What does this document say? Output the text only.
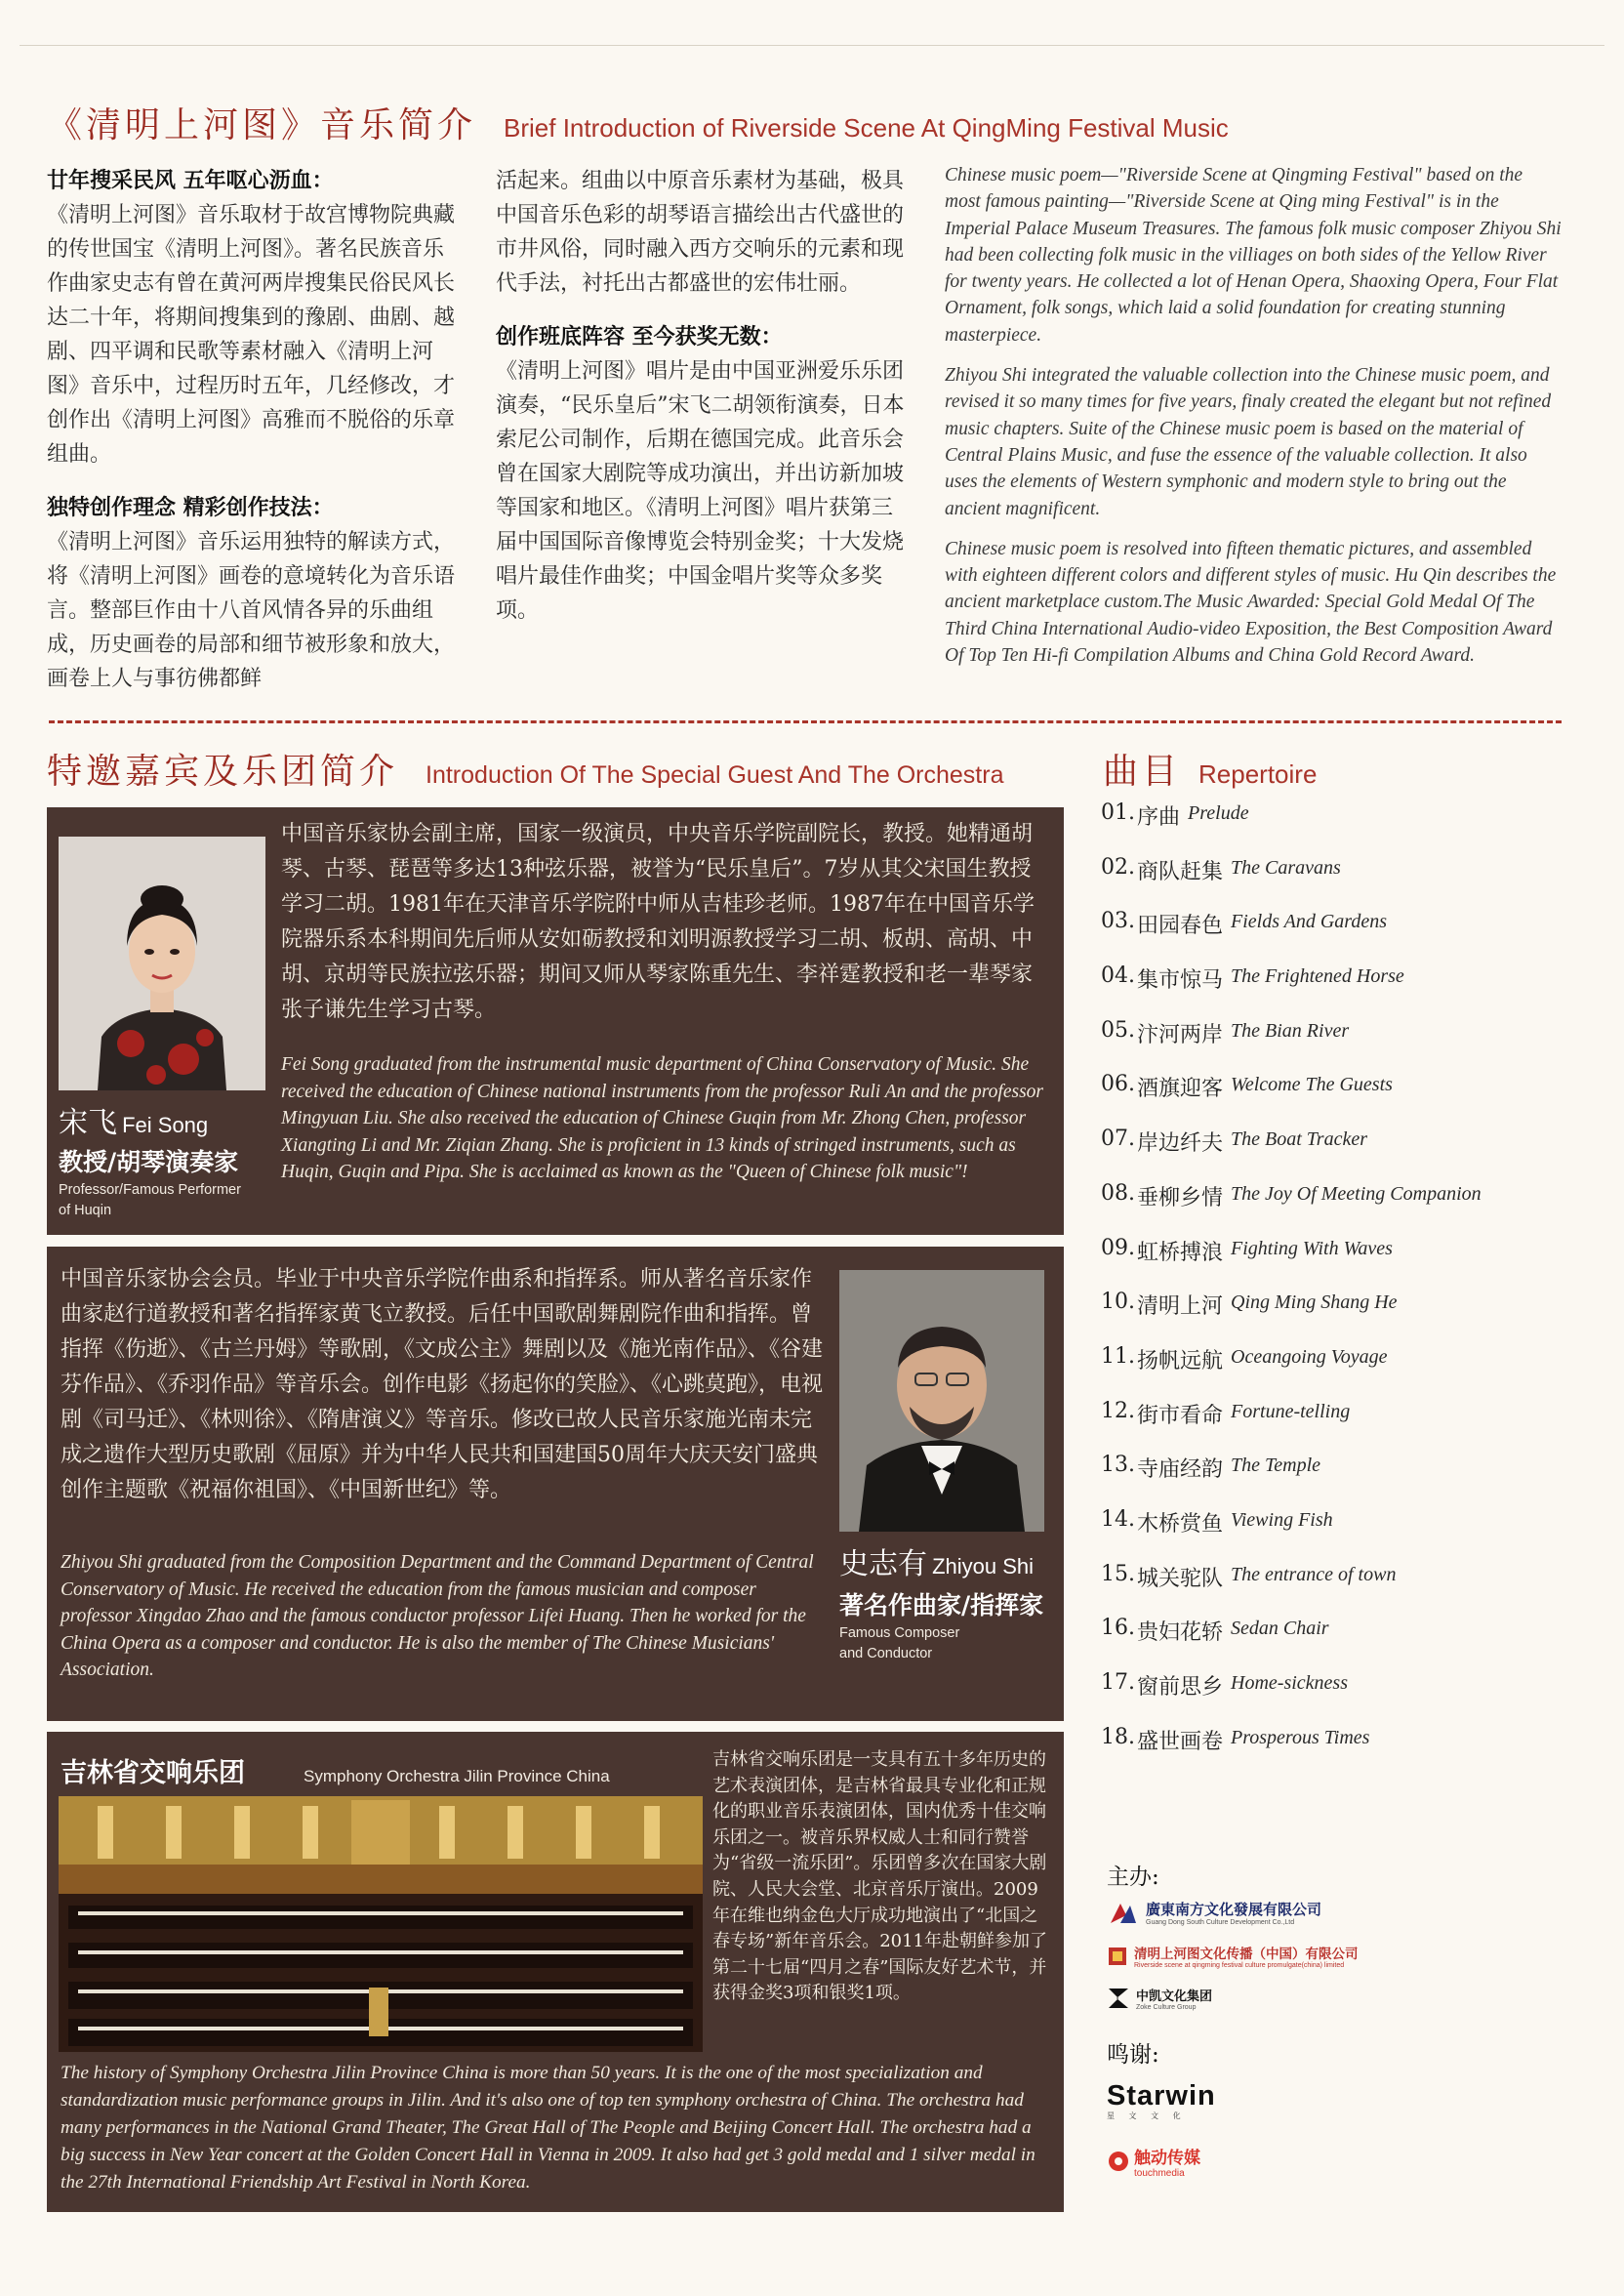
《清明上河图》音乐简介 Brief Introduction of Riverside Scene At QingMing Festival Music
廿年搜采民风 五年呕心沥血：
《清明上河图》音乐取材于故宫博物院典藏的传世国宝《清明上河图》。著名民族音乐作曲家史志有曾在黄河两岸搜集民俗民风长达二十年，将期间搜集到的豫剧、曲剧、越剧、四平调和民歌等素材融入《清明上河图》音乐中，过程历时五年，几经修改，才创作出《清明上河图》高雅而不脱俗的乐章组曲。
独特创作理念 精彩创作技法：
《清明上河图》音乐运用独特的解读方式，将《清明上河图》画卷的意境转化为音乐语言。整部巨作由十八首风情各异的乐曲组成，历史画卷的局部和细节被形象和放大，画卷上人与事彷佛都鲜
活起来。组曲以中原音乐素材为基础，极具中国音乐色彩的胡琴语言描绘出古代盛世的市井风俗，同时融入西方交响乐的元素和现代手法，衬托出古都盛世的宏伟壮丽。
创作班底阵容 至今获奖无数：
《清明上河图》唱片是由中国亚洲爱乐乐团演奏，“民乐皇后”宋飞二胡领衔演奏，日本索尼公司制作，后期在德国完成。此音乐会曾在国家大剧院等成功演出，并出访新加坡等国家和地区。《清明上河图》唱片获第三届中国国际音像博览会特别金奖；十大发烧唱片最佳作曲奖；中国金唱片奖等众多奖项。

Chinese music poem—"Riverside Scene at Qingming Festival" based on the most famous painting—"Riverside Scene at Qing ming Festival" is in the Imperial Palace Museum Treasures. The famous folk music composer Zhiyou Shi had been collecting folk music in the villiages on both sides of the Yellow River for twenty years. He collected a lot of Henan Opera, Shaoxing Opera, Four Flat Ornament, folk songs, which laid a solid foundation for creating stunning masterpiece.

Zhiyou Shi integrated the valuable collection into the Chinese music poem, and revised it so many times for five years, finaly created the elegant but not refined music chapters. Suite of the Chinese music poem is based on the material of Central Plains Music, and fuse the essence of the valuable collection. It also uses the elements of Western symphonic and modern style to bring out the ancient magnificent.

Chinese music poem is resolved into fifteen thematic pictures, and assembled with eighteen different colors and different styles of music. Hu Qin describes the ancient marketplace custom.The Music Awarded: Special Gold Medal Of The Third China International Audio-video Exposition, the Best Composition Award Of Top Ten Hi-fi Compilation Albums and China Gold Record Award.

特邀嘉宾及乐团简介 Introduction Of The Special Guest And The Orchestra	曲目 Repertoire
中国音乐家协会副主席，国家一级演员，中央音乐学院副院长，教授。她精通胡琴、古琴、琵琶等多达13种弦乐器，被誉为“民乐皇后”。7岁从其父宋国生教授学习二胡。1981年在天津音乐学院附中师从吉桂珍老师。1987年在中国音乐学院器乐系本科期间先后师从安如砺教授和刘明源教授学习二胡、板胡、高胡、中胡、京胡等民族拉弦乐器；期间又师从琴家陈重先生、李祥霆教授和老一辈琴家张子谦先生学习古琴。
Fei Song graduated from the instrumental music department of China Conservatory of Music. She received the education of Chinese national instruments from the professor Ruli An and the professor Mingyuan Liu. She also received the education of Chinese Guqin from Mr. Zhong Chen, professor Xiangting Li and Mr. Ziqian Zhang. She is proficient in 13 kinds of stringed instruments, such as Huqin, Guqin and Pipa. She is acclaimed as known as the "Queen of Chinese folk music"!
宋飞 Fei Song
教授/胡琴演奏家
Professor/Famous Performer of Huqin
中国音乐家协会会员。毕业于中央音乐学院作曲系和指挥系。师从著名音乐家作曲家赵行道教授和著名指挥家黄飞立教授。后任中国歌剧舞剧院作曲和指挥。曾指挥《伤逝》、《古兰丹姆》等歌剧，《文成公主》舞剧以及《施光南作品》、《谷建芬作品》、《乔羽作品》等音乐会。创作电影《扬起你的笑脸》、《心跳莫跑》，电视剧《司马迁》、《林则徐》、《隋唐演义》等音乐。修改已故人民音乐家施光南未完成之遗作大型历史歌剧《屈原》并为中华人民共和国建国50周年大庆天安门盛典创作主题歌《祝福你祖国》、《中国新世纪》等。
Zhiyou Shi graduated from the Composition Department and the Command Department of Central Conservatory of Music. He received the education from the famous musician and composer professor Xingdao Zhao and the famous conductor professor Lifei Huang. Then he worked for the China Opera as a composer and conductor. He is also the member of The Chinese Musicians' Association.
史志有 Zhiyou Shi
著名作曲家/指挥家
Famous Composer
and Conductor
吉林省交响乐团	Symphony Orchestra Jilin Province China
吉林省交响乐团是一支具有五十多年历史的艺术表演团体，是吉林省最具专业化和正规化的职业音乐表演团体，国内优秀十佳交响乐团之一。被音乐界权威人士和同行赞誉为“省级一流乐团”。乐团曾多次在国家大剧院、人民大会堂、北京音乐厅演出。2009年在维也纳金色大厅成功地演出了“北国之春专场”新年音乐会。2011年赴朝鲜参加了第二十七届“四月之春”国际友好艺术节，并获得金奖3项和银奖1项。
The history of Symphony Orchestra Jilin Province China is more than 50 years. It is the one of the most specialization and standardization music performance groups in Jilin. And it's also one of top ten symphony orchestra of China. The orchestra had many performances in the National Grand Theater, The Great Hall of The People and Beijing Concert Hall. The orchestra had a big success in New Year concert at the Golden Concert Hall in Vienna in 2009. It also had get 3 gold medal and 1 silver medal in the 27th International Friendship Art Festival in North Korea.
01. 序曲 Prelude
02. 商队赶集 The Caravans
03. 田园春色 Fields And Gardens
04. 集市惊马 The Frightened Horse
05. 汴河两岸 The Bian River
06. 酒旗迎客 Welcome The Guests
07. 岸边纤夫 The Boat Tracker
08. 垂柳乡情 The Joy Of Meeting Companion
09. 虹桥搏浪 Fighting With Waves
10. 清明上河 Qing Ming Shang He
11. 扬帆远航 Oceangoing Voyage
12. 街市看命 Fortune-telling
13. 寺庙经韵 The Temple
14. 木桥赏鱼 Viewing Fish
15. 城关驼队 The entrance of town
16. 贵妇花轿 Sedan Chair
17. 窗前思乡 Home-sickness
18. 盛世画卷 Prosperous Times
主办:
廣東南方文化發展有限公司
Guang Dong South Culture Development Co.,Ltd
清明上河图文化传播（中国）有限公司
Riverside scene at qingming festival culture promulgate(china) limited
中凯文化集团
Zoke Culture Group
鸣谢:
Starwin
星 文 文 化
触动传媒
touchmedia
